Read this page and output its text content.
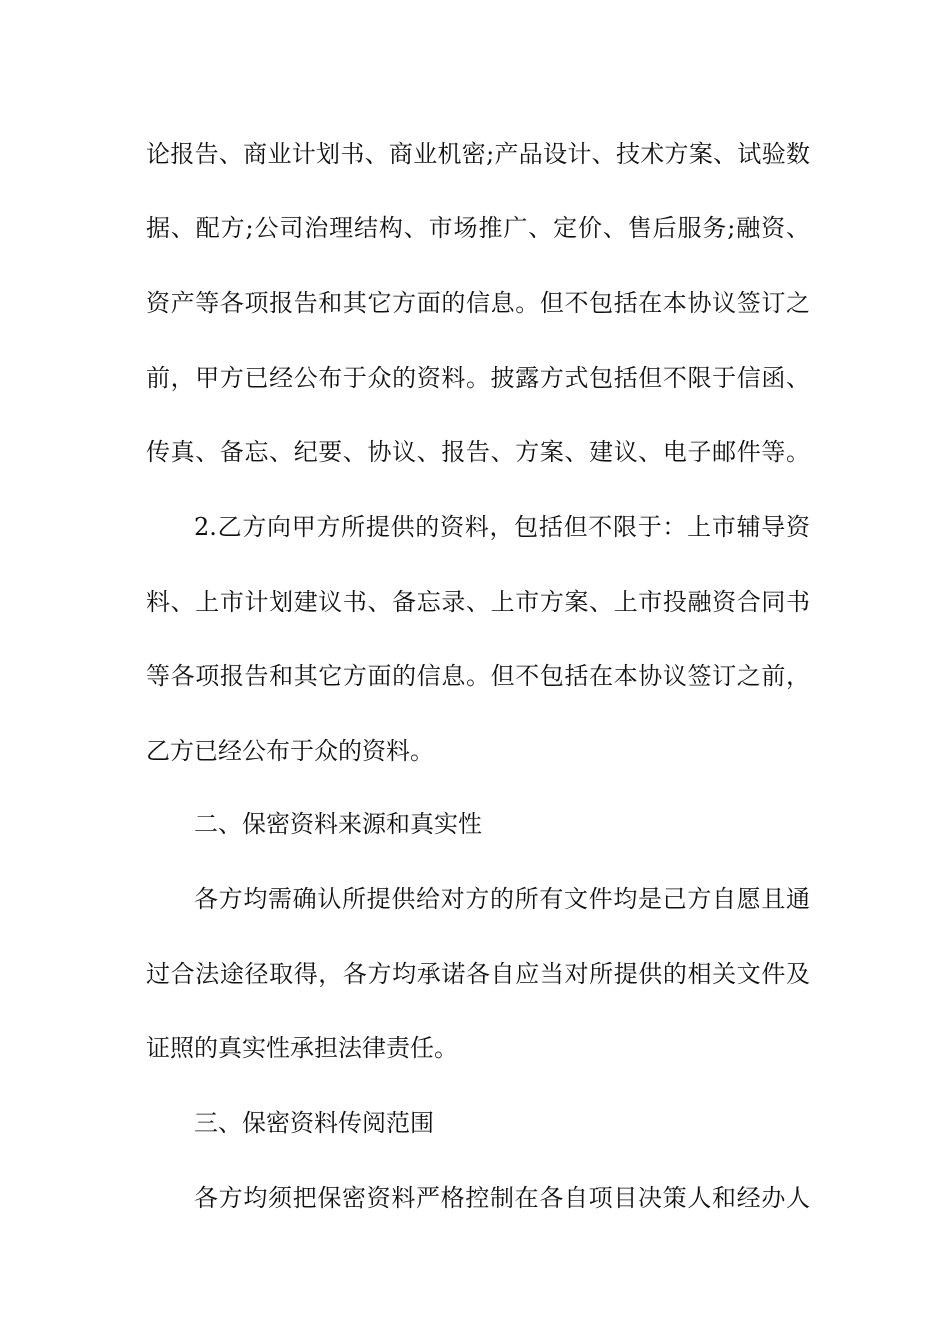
论报告、商业计划书、商业机密;产品设计、技术方案、试验数
据、配方;公司治理结构、市场推广、定价、售后服务;融资、
资产等各项报告和其它方面的信息。但不包括在本协议签订之
前，甲方已经公布于众的资料。披露方式包括但不限于信函、
传真、备忘、纪要、协议、报告、方案、建议、电子邮件等。
2.乙方向甲方所提供的资料，包括但不限于：上市辅导资
料、上市计划建议书、备忘录、上市方案、上市投融资合同书
等各项报告和其它方面的信息。但不包括在本协议签订之前，
乙方已经公布于众的资料。
二、保密资料来源和真实性
各方均需确认所提供给对方的所有文件均是己方自愿且通
过合法途径取得，各方均承诺各自应当对所提供的相关文件及
证照的真实性承担法律责任。
三、保密资料传阅范围
各方均须把保密资料严格控制在各自项目决策人和经办人
